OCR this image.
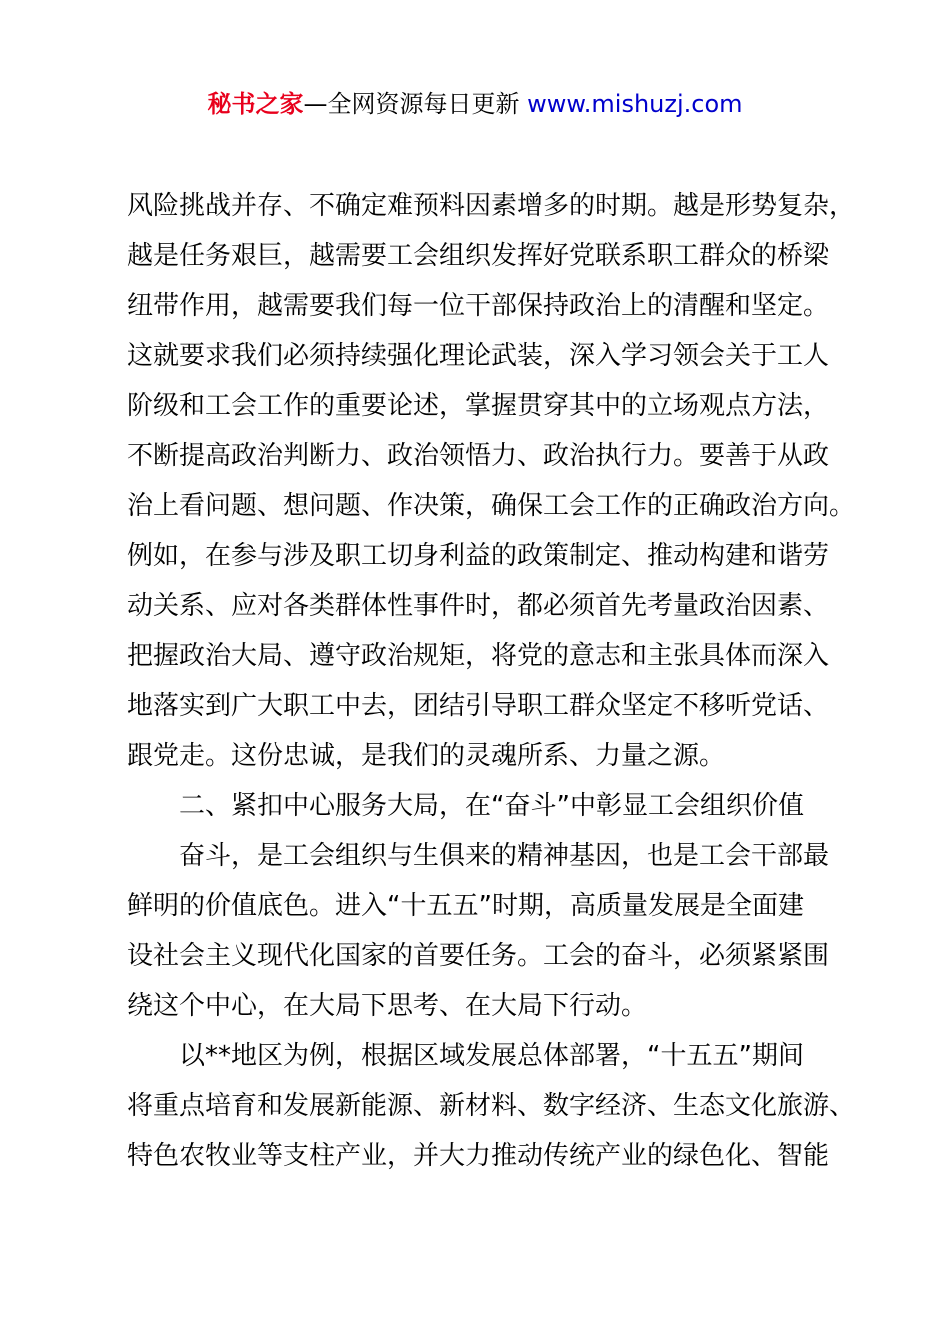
秘书之家—全网资源每日更新 www.mishuzj.com
风险挑战并存、不确定难预料因素增多的时期。越是形势复杂，
越是任务艰巨，越需要工会组织发挥好党联系职工群众的桥梁
纽带作用，越需要我们每一位干部保持政治上的清醒和坚定。
这就要求我们必须持续强化理论武装，深入学习领会关于工人
阶级和工会工作的重要论述，掌握贯穿其中的立场观点方法，
不断提高政治判断力、政治领悟力、政治执行力。要善于从政
治上看问题、想问题、作决策，确保工会工作的正确政治方向。
例如，在参与涉及职工切身利益的政策制定、推动构建和谐劳
动关系、应对各类群体性事件时，都必须首先考量政治因素、
把握政治大局、遵守政治规矩，将党的意志和主张具体而深入
地落实到广大职工中去，团结引导职工群众坚定不移听党话、
跟党走。这份忠诚，是我们的灵魂所系、力量之源。
二、紧扣中心服务大局，在“奋斗”中彰显工会组织价值
奋斗，是工会组织与生俱来的精神基因，也是工会干部最
鲜明的价值底色。进入“十五五”时期，高质量发展是全面建
设社会主义现代化国家的首要任务。工会的奋斗，必须紧紧围
绕这个中心，在大局下思考、在大局下行动。
以**地区为例，根据区域发展总体部署，“十五五”期间
将重点培育和发展新能源、新材料、数字经济、生态文化旅游、
特色农牧业等支柱产业，并大力推动传统产业的绿色化、智能
